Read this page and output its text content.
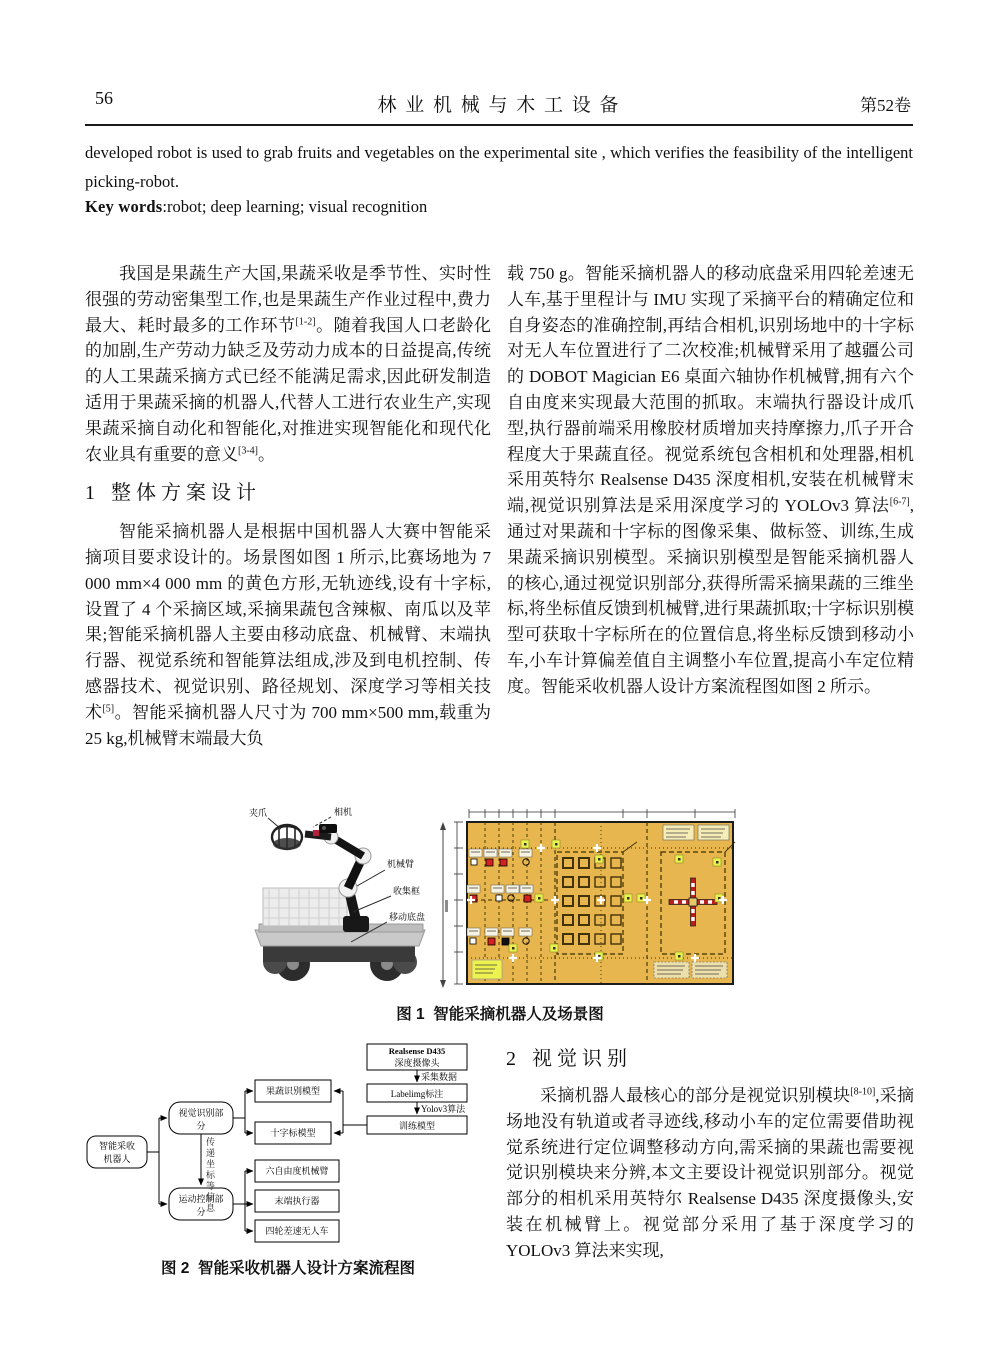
56	林 业 机 械 与 木 工 设 备	第52卷
developed robot is used to grab fruits and vegetables on the experimental site , which verifies the feasibility of the intelligent picking-robot.
Key words:robot; deep learning; visual recognition

我国是果蔬生产大国,果蔬采收是季节性、实时性很强的劳动密集型工作,也是果蔬生产作业过程中,费力最大、耗时最多的工作环节[1-2]。随着我国人口老龄化的加剧,生产劳动力缺乏及劳动力成本的日益提高,传统的人工果蔬采摘方式已经不能满足需求,因此研发制造适用于果蔬采摘的机器人,代替人工进行农业生产,实现果蔬采摘自动化和智能化,对推进实现智能化和现代化农业具有重要的意义[3-4]。

1 整体方案设计

智能采摘机器人是根据中国机器人大赛中智能采摘项目要求设计的。场景图如图 1 所示,比赛场地为 7 000 mm×4 000 mm 的黄色方形,无轨迹线,设有十字标,设置了 4 个采摘区域,采摘果蔬包含辣椒、南瓜以及苹果;智能采摘机器人主要由移动底盘、机械臂、末端执行器、视觉系统和智能算法组成,涉及到电机控制、传感器技术、视觉识别、路径规划、深度学习等相关技术[5]。智能采摘机器人尺寸为 700 mm×500 mm,载重为 25 kg,机械臂末端最大负

载 750 g。智能采摘机器人的移动底盘采用四轮差速无人车,基于里程计与 IMU 实现了采摘平台的精确定位和自身姿态的准确控制,再结合相机,识别场地中的十字标对无人车位置进行了二次校准;机械臂采用了越疆公司的 DOBOT Magician E6 桌面六轴协作机械臂,拥有六个自由度来实现最大范围的抓取。末端执行器设计成爪型,执行器前端采用橡胶材质增加夹持摩擦力,爪子开合程度大于果蔬直径。视觉系统包含相机和处理器,相机采用英特尔 Realsense D435 深度相机,安装在机械臂末端,视觉识别算法是采用深度学习的 YOLOv3 算法[6-7],通过对果蔬和十字标的图像采集、做标签、训练,生成果蔬采摘识别模型。采摘识别模型是智能采摘机器人的核心,通过视觉识别部分,获得所需采摘果蔬的三维坐标,将坐标值反馈到机械臂,进行果蔬抓取;十字标识别模型可获取十字标所在的位置信息,将坐标反馈到移动小车,小车计算偏差值自主调整小车位置,提高小车定位精度。智能采收机器人设计方案流程图如图 2 所示。

夹爪	相机
机械臂
收集框
移动底盘
图 1 智能采摘机器人及场景图
智能采收
机器人
视觉识别部
分
运动控制部
分
果蔬识别模型
十字标模型
六自由度机械臂
末端执行器
四轮差速无人车
Realsense D435
深度摄像头
Labelimg标注
训练模型
采集数据
Yolov3算法
传递坐标等信息
图 2 智能采收机器人设计方案流程图
2 视觉识别

采摘机器人最核心的部分是视觉识别模块[8-10],采摘场地没有轨道或者寻迹线,移动小车的定位需要借助视觉系统进行定位调整移动方向,需采摘的果蔬也需要视觉识别模块来分辨,本文主要设计视觉识别部分。视觉部分的相机采用英特尔 Realsense D435 深度摄像头,安装在机械臂上。视觉部分采用了基于深度学习的 YOLOv3 算法来实现,
